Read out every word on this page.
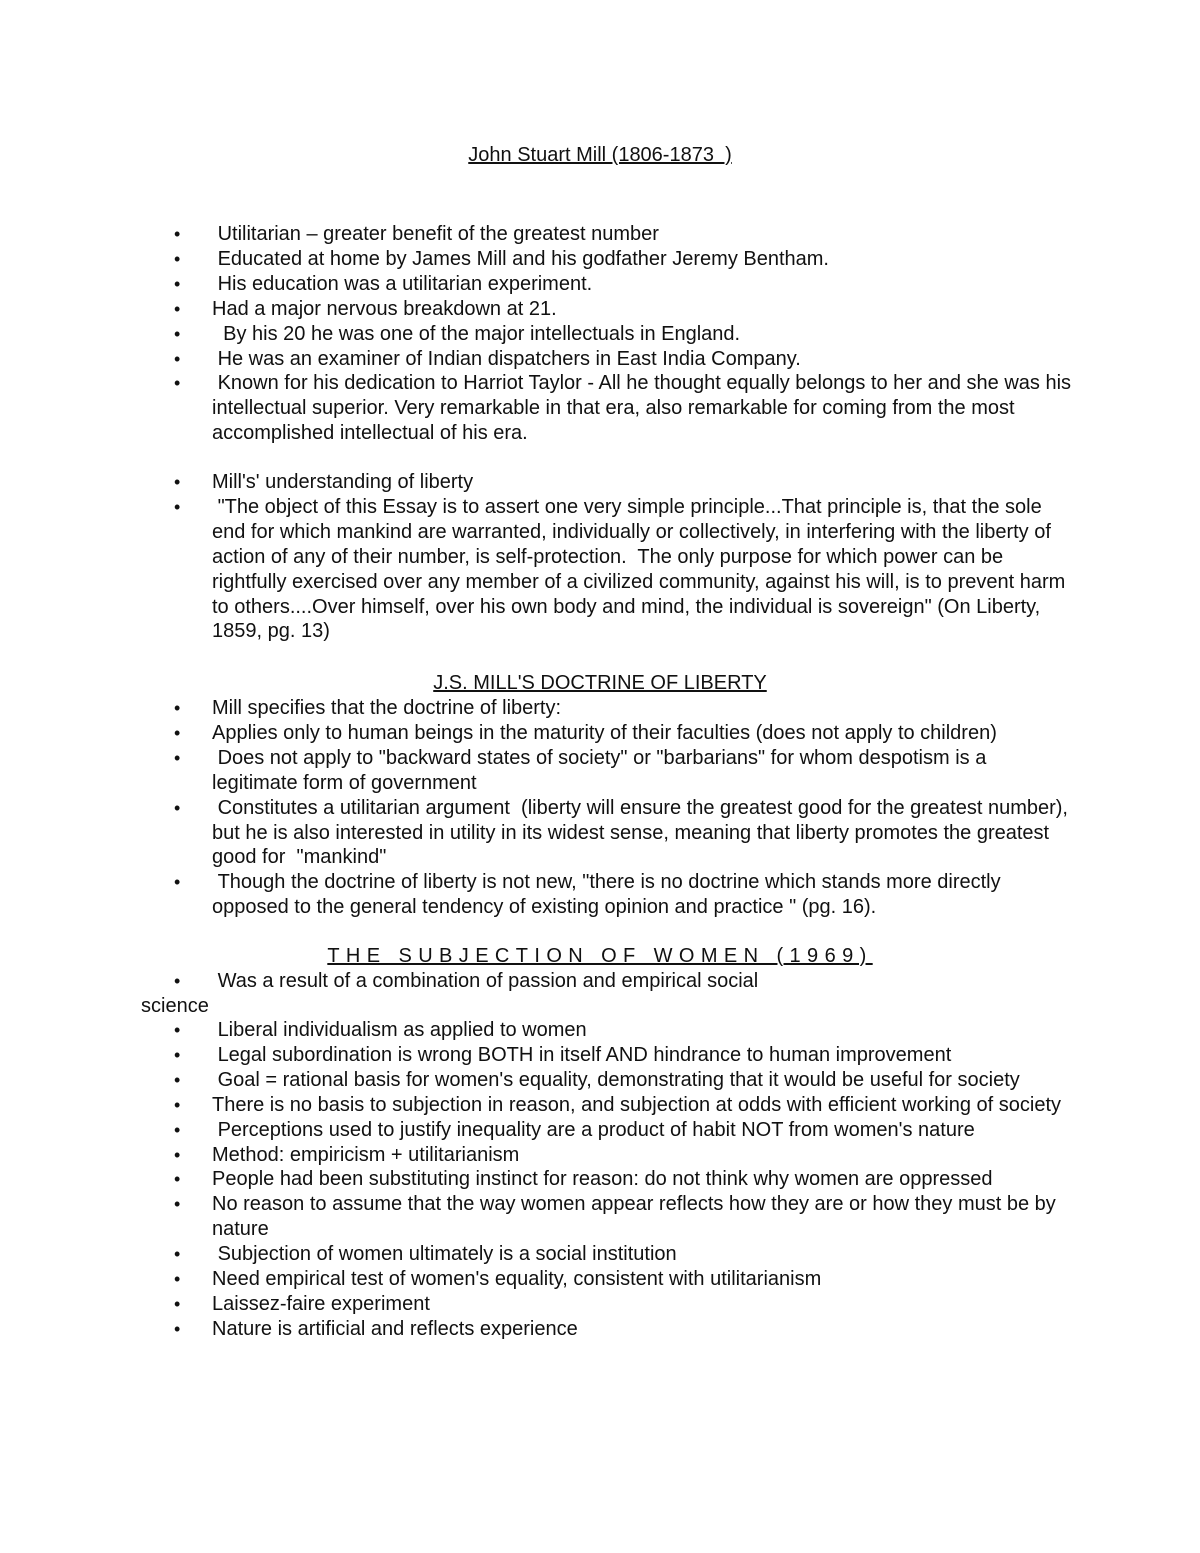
John Stuart Mill (1806-1873  )
• Utilitarian – greater benefit of the greatest number
• Educated at home by James Mill and his godfather Jeremy Bentham.
• His education was a utilitarian experiment.
• Had a major nervous breakdown at 21.
• By his 20 he was one of the major intellectuals in England.
• He was an examiner of Indian dispatchers in East India Company.
• Known for his dedication to Harriot Taylor - All he thought equally belongs to her and she was his intellectual superior. Very remarkable in that era, also remarkable for coming from the most accomplished intellectual of his era.
• Mill's' understanding of liberty
• "The object of this Essay is to assert one very simple principle...That principle is, that the sole end for which mankind are warranted, individually or collectively, in interfering with the liberty of action of any of their number, is self-protection.  The only purpose for which power can be rightfully exercised over any member of a civilized community, against his will, is to prevent harm to others....Over himself, over his own body and mind, the individual is sovereign" (On Liberty, 1859, pg. 13)
J.S. MILL'S DOCTRINE OF LIBERTY
• Mill specifies that the doctrine of liberty:
• Applies only to human beings in the maturity of their faculties (does not apply to children)
• Does not apply to "backward states of society" or "barbarians" for whom despotism is a legitimate form of government
• Constitutes a utilitarian argument  (liberty will ensure the greatest good for the greatest number), but he is also interested in utility in its widest sense, meaning that liberty promotes the greatest good for  "mankind"
• Though the doctrine of liberty is not new, "there is no doctrine which stands more directly opposed to the general tendency of existing opinion and practice " (pg. 16).
THE SUBJECTION OF WOMEN (1969)
• Was a result of a combination of passion and empirical social
science
• Liberal individualism as applied to women
• Legal subordination is wrong BOTH in itself AND hindrance to human improvement
• Goal = rational basis for women's equality, demonstrating that it would be useful for society
• There is no basis to subjection in reason, and subjection at odds with efficient working of society
• Perceptions used to justify inequality are a product of habit NOT from women's nature
• Method: empiricism + utilitarianism
• People had been substituting instinct for reason: do not think why women are oppressed
• No reason to assume that the way women appear reflects how they are or how they must be by nature
• Subjection of women ultimately is a social institution
• Need empirical test of women's equality, consistent with utilitarianism
• Laissez-faire experiment
• Nature is artificial and reflects experience
